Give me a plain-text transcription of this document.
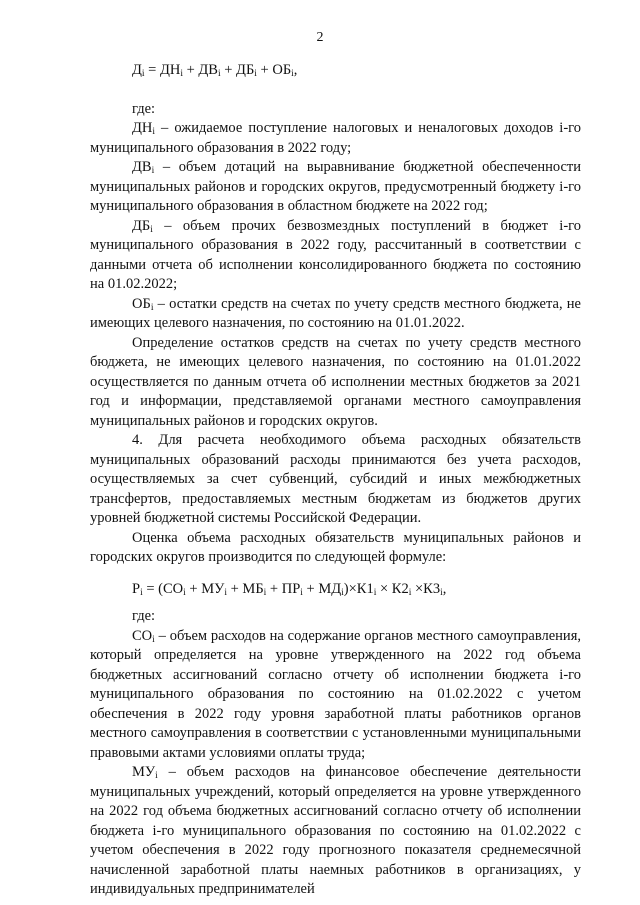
2

$Д_i = ДН_i + ДВ_i + ДБ_i + ОБ_i$,

где:

$ДН_i$ – ожидаемое поступление налоговых и неналоговых доходов i-го муниципального образования в 2022 году;

$ДВ_i$ – объем дотаций на выравнивание бюджетной обеспеченности муниципальных районов и городских округов, предусмотренный бюджету i-го муниципального образования в областном бюджете на 2022 год;

$ДБ_i$ – объем прочих безвозмездных поступлений в бюджет i-го муниципального образования в 2022 году, рассчитанный в соответствии с данными отчета об исполнении консолидированного бюджета по состоянию на 01.02.2022;

$ОБ_i$ – остатки средств на счетах по учету средств местного бюджета, не имеющих целевого назначения, по состоянию на 01.01.2022.

Определение остатков средств на счетах по учету средств местного бюджета, не имеющих целевого назначения, по состоянию на 01.01.2022 осуществляется по данным отчета об исполнении местных бюджетов за 2021 год и информации, представляемой органами местного самоуправления муниципальных районов и городских округов.

4. Для расчета необходимого объема расходных обязательств муниципальных образований расходы принимаются без учета расходов, осуществляемых за счет субвенций, субсидий и иных межбюджетных трансфертов, предоставляемых местным бюджетам из бюджетов других уровней бюджетной системы Российской Федерации.

Оценка объема расходных обязательств муниципальных районов и городских округов производится по следующей формуле:

$Р_i = (СО_i + МУ_i + МБ_i + ПР_i + МД_i)\times К1_i \times К2_i \times К3_i$,

где:

$СО_i$ – объем расходов на содержание органов местного самоуправления, который определяется на уровне утвержденного на 2022 год объема бюджетных ассигнований согласно отчету об исполнении бюджета i-го муниципального образования по состоянию на 01.02.2022 с учетом обеспечения в 2022 году уровня заработной платы работников органов местного самоуправления в соответствии с установленными муниципальными правовыми актами условиями оплаты труда;

$МУ_i$ – объем расходов на финансовое обеспечение деятельности муниципальных учреждений, который определяется на уровне утвержденного на 2022 год объема бюджетных ассигнований согласно отчету об исполнении бюджета i-го муниципального образования по состоянию на 01.02.2022 с учетом обеспечения в 2022 году прогнозного показателя среднемесячной начисленной заработной платы наемных работников в организациях, у индивидуальных предпринимателей
